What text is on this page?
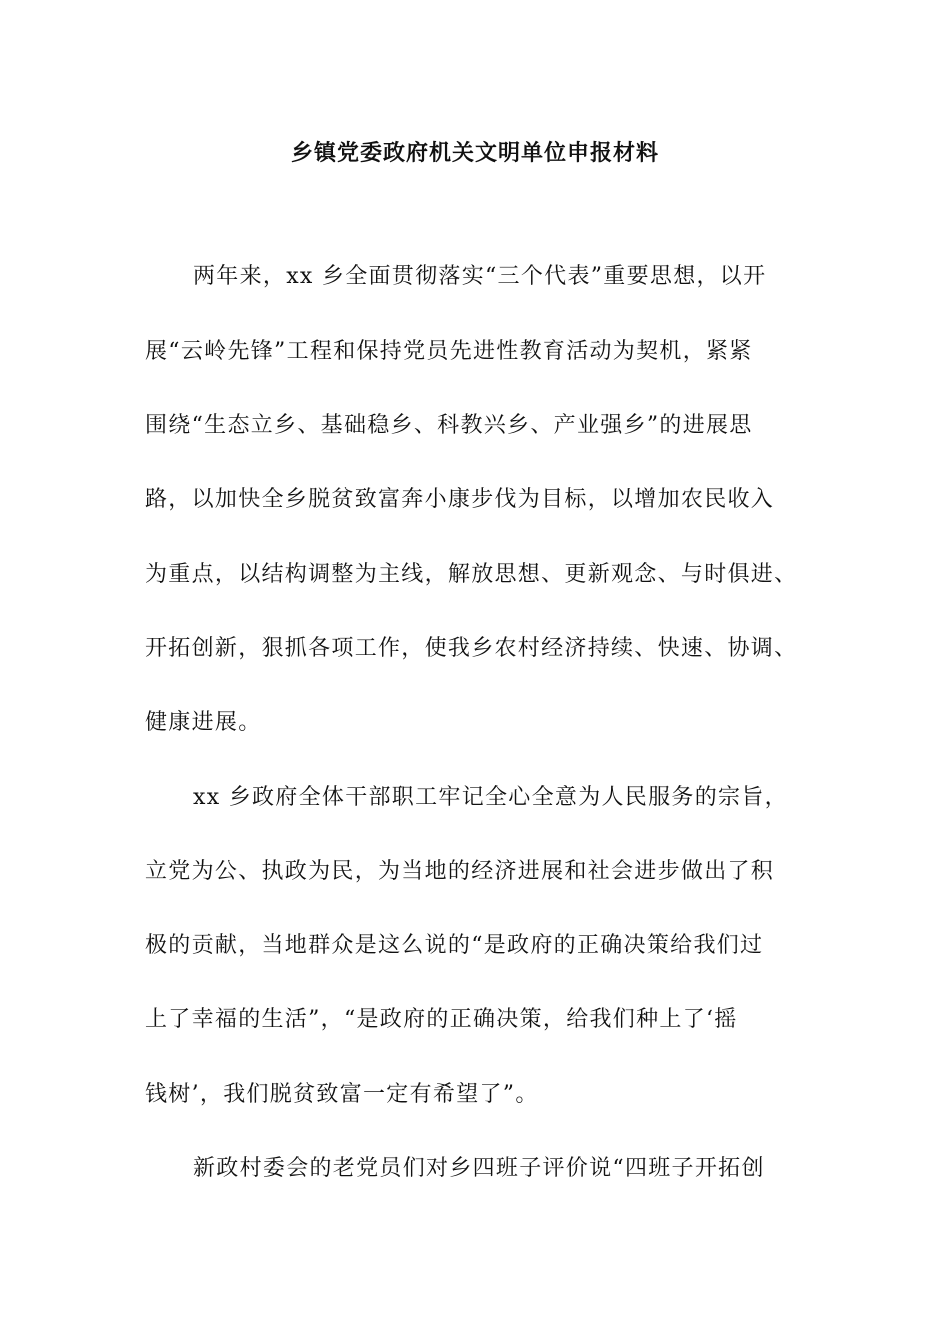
乡镇党委政府机关文明单位申报材料
两年来，xx 乡全面贯彻落实“三个代表”重要思想，以开
展“云岭先锋”工程和保持党员先进性教育活动为契机，紧紧
围绕“生态立乡、基础稳乡、科教兴乡、产业强乡”的进展思
路，以加快全乡脱贫致富奔小康步伐为目标，以增加农民收入
为重点，以结构调整为主线，解放思想、更新观念、与时俱进、
开拓创新，狠抓各项工作，使我乡农村经济持续、快速、协调、
健康进展。
xx 乡政府全体干部职工牢记全心全意为人民服务的宗旨，
立党为公、执政为民，为当地的经济进展和社会进步做出了积
极的贡献，当地群众是这么说的“是政府的正确决策给我们过
上了幸福的生活”，“是政府的正确决策，给我们种上了‘摇
钱树’，我们脱贫致富一定有希望了”。
新政村委会的老党员们对乡四班子评价说“四班子开拓创
